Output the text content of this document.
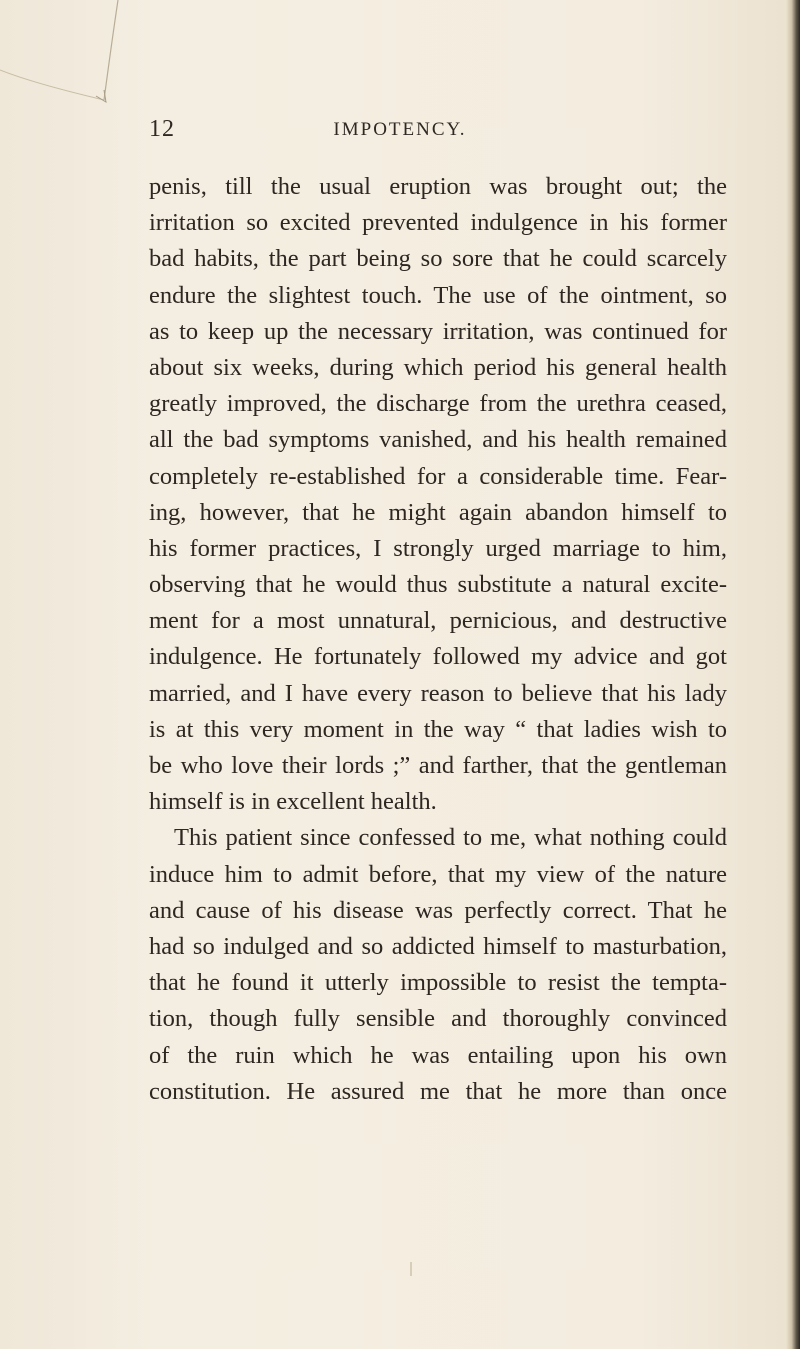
12	IMPOTENCY.
penis, till the usual eruption was brought out; the
irritation so excited prevented indulgence in his former
bad habits, the part being so sore that he could scarcely
endure the slightest touch. The use of the ointment, so
as to keep up the necessary irritation, was continued for
about six weeks, during which period his general health
greatly improved, the discharge from the urethra ceased,
all the bad symptoms vanished, and his health remained
completely re-established for a considerable time. Fear-
ing, however, that he might again abandon himself to
his former practices, I strongly urged marriage to him,
observing that he would thus substitute a natural excite-
ment for a most unnatural, pernicious, and destructive
indulgence. He fortunately followed my advice and got
married, and I have every reason to believe that his lady
is at this very moment in the way “ that ladies wish to
be who love their lords ;” and farther, that the gentleman
himself is in excellent health.
This patient since confessed to me, what nothing could
induce him to admit before, that my view of the nature
and cause of his disease was perfectly correct. That he
had so indulged and so addicted himself to masturbation,
that he found it utterly impossible to resist the tempta-
tion, though fully sensible and thoroughly convinced
of the ruin which he was entailing upon his own
constitution. He assured me that he more than once
